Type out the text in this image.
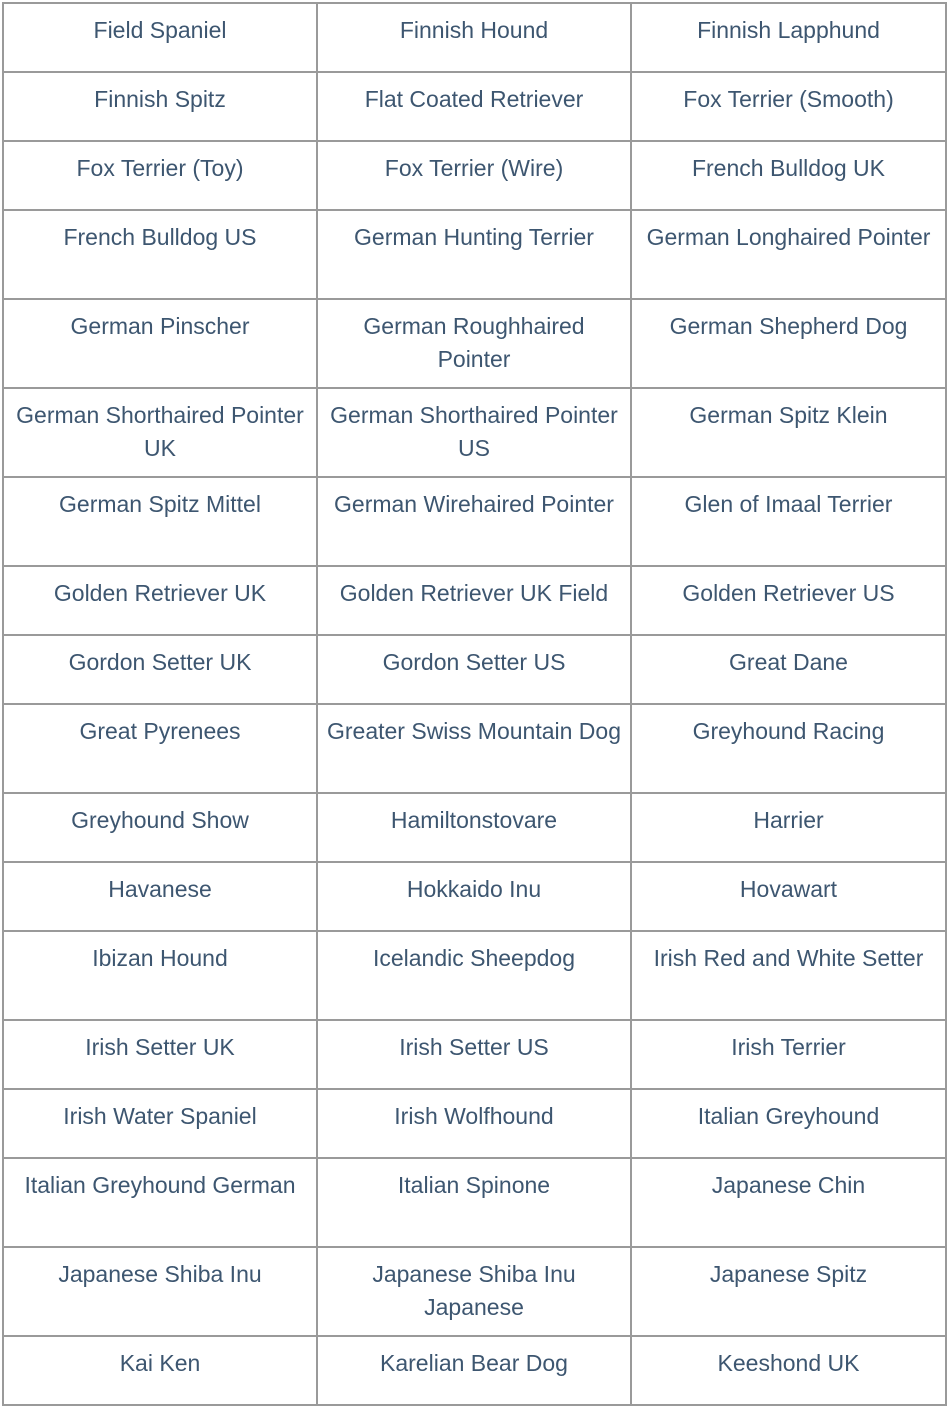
Field Spaniel	Finnish Hound	Finnish Lapphund
Finnish Spitz	Flat Coated Retriever	Fox Terrier (Smooth)
Fox Terrier (Toy)	Fox Terrier (Wire)	French Bulldog UK
French Bulldog US	German Hunting Terrier	German Longhaired Pointer
German Pinscher	German Roughhaired Pointer	German Shepherd Dog
German Shorthaired Pointer UK	German Shorthaired Pointer US	German Spitz Klein
German Spitz Mittel	German Wirehaired Pointer	Glen of Imaal Terrier
Golden Retriever UK	Golden Retriever UK Field	Golden Retriever US
Gordon Setter UK	Gordon Setter US	Great Dane
Great Pyrenees	Greater Swiss Mountain Dog	Greyhound Racing
Greyhound Show	Hamiltonstovare	Harrier
Havanese	Hokkaido Inu	Hovawart
Ibizan Hound	Icelandic Sheepdog	Irish Red and White Setter
Irish Setter UK	Irish Setter US	Irish Terrier
Irish Water Spaniel	Irish Wolfhound	Italian Greyhound
Italian Greyhound German	Italian Spinone	Japanese Chin
Japanese Shiba Inu	Japanese Shiba Inu Japanese	Japanese Spitz
Kai Ken	Karelian Bear Dog	Keeshond UK
